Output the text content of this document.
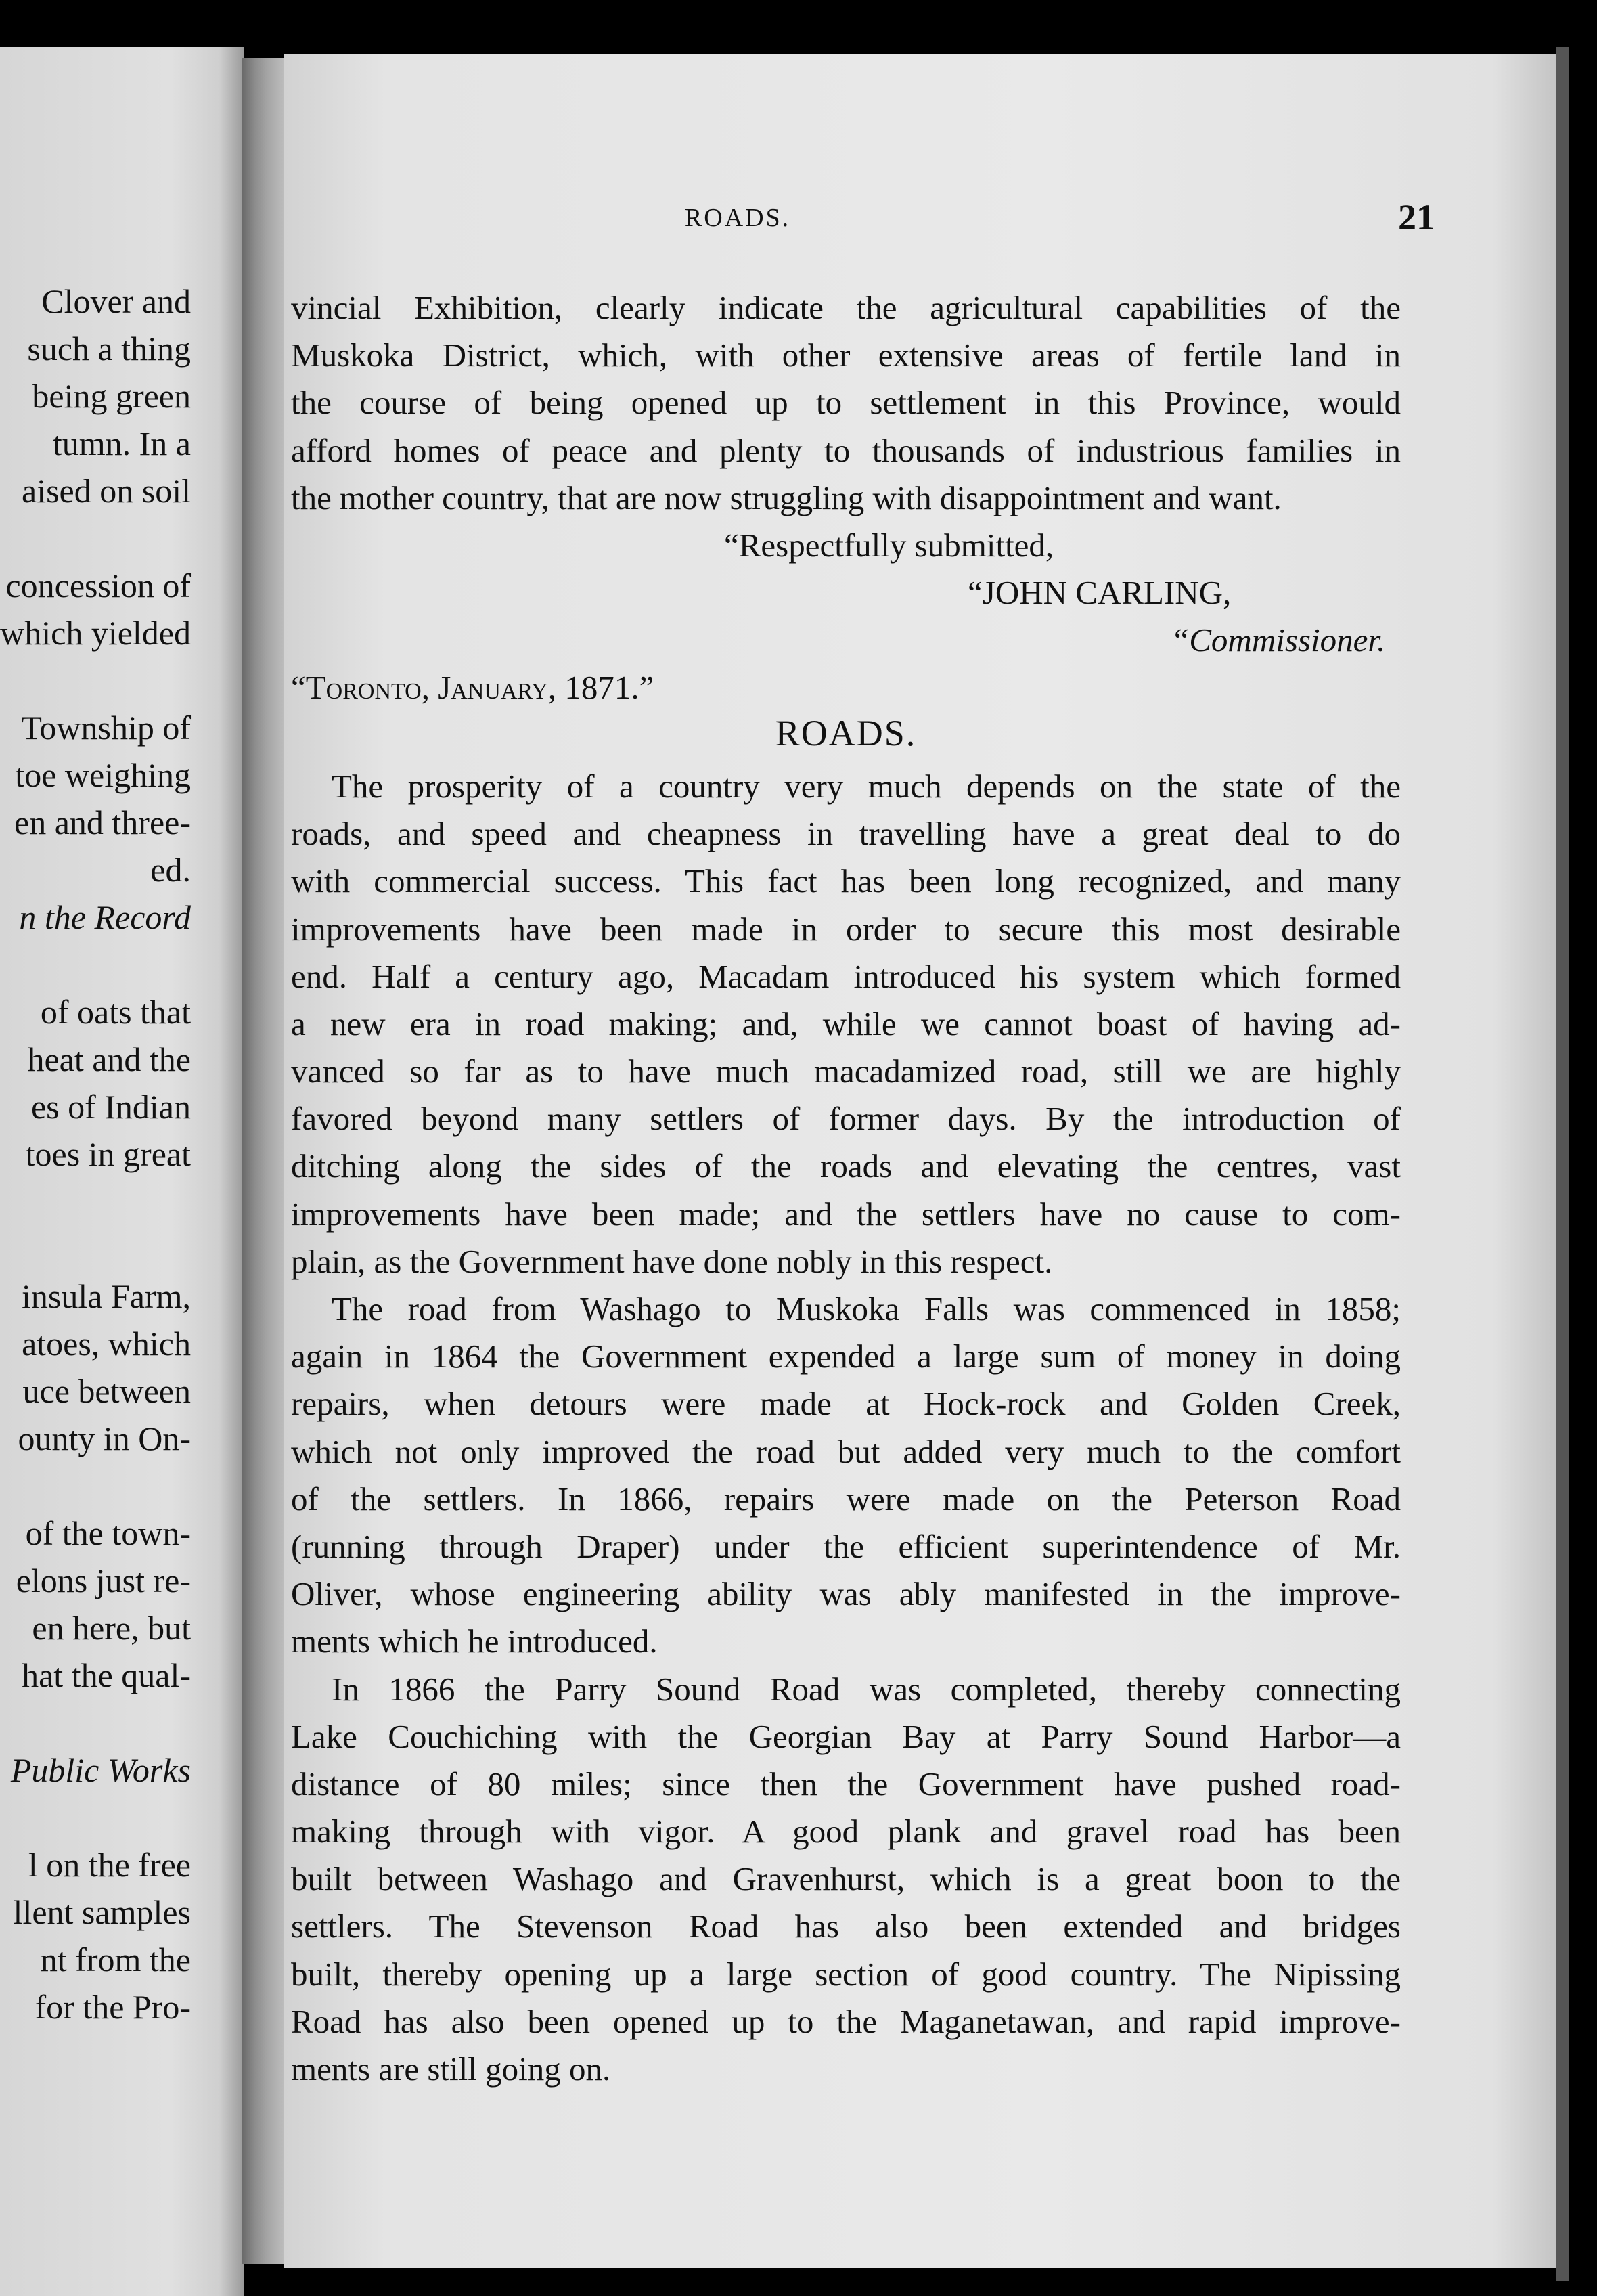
Clover and
such a thing
being green
tumn. In a
aised on soil
concession of
which yielded
Township of
toe weighing
en and three-
ed.
n the Record
of oats that
heat and the
es of Indian
toes in great
insula Farm,
atoes, which
uce between
ounty in On-
of the town-
elons just re-
en here, but
hat the qual-
Public Works
l on the free
llent samples
nt from the
for the Pro-
ROADS.	21
vincial Exhibition, clearly indicate the agricultural capabilities of the
Muskoka District, which, with other extensive areas of fertile land in
the course of being opened up to settlement in this Province, would
afford homes of peace and plenty to thousands of industrious families in
the mother country, that are now struggling with disappointment and want.
“Respectfully submitted,
“JOHN CARLING,
“Commissioner.
“Toronto, January, 1871.”
ROADS.
The prosperity of a country very much depends on the state of the
roads, and speed and cheapness in travelling have a great deal to do
with commercial success. This fact has been long recognized, and many
improvements have been made in order to secure this most desirable
end. Half a century ago, Macadam introduced his system which formed
a new era in road making; and, while we cannot boast of having ad-
vanced so far as to have much macadamized road, still we are highly
favored beyond many settlers of former days. By the introduction of
ditching along the sides of the roads and elevating the centres, vast
improvements have been made; and the settlers have no cause to com-
plain, as the Government have done nobly in this respect.
The road from Washago to Muskoka Falls was commenced in 1858;
again in 1864 the Government expended a large sum of money in doing
repairs, when detours were made at Hock-rock and Golden Creek,
which not only improved the road but added very much to the comfort
of the settlers. In 1866, repairs were made on the Peterson Road
(running through Draper) under the efficient superintendence of Mr.
Oliver, whose engineering ability was ably manifested in the improve-
ments which he introduced.
In 1866 the Parry Sound Road was completed, thereby connecting
Lake Couchiching with the Georgian Bay at Parry Sound Harbor—a
distance of 80 miles; since then the Government have pushed road-
making through with vigor. A good plank and gravel road has been
built between Washago and Gravenhurst, which is a great boon to the
settlers. The Stevenson Road has also been extended and bridges
built, thereby opening up a large section of good country. The Nipissing
Road has also been opened up to the Maganetawan, and rapid improve-
ments are still going on.
